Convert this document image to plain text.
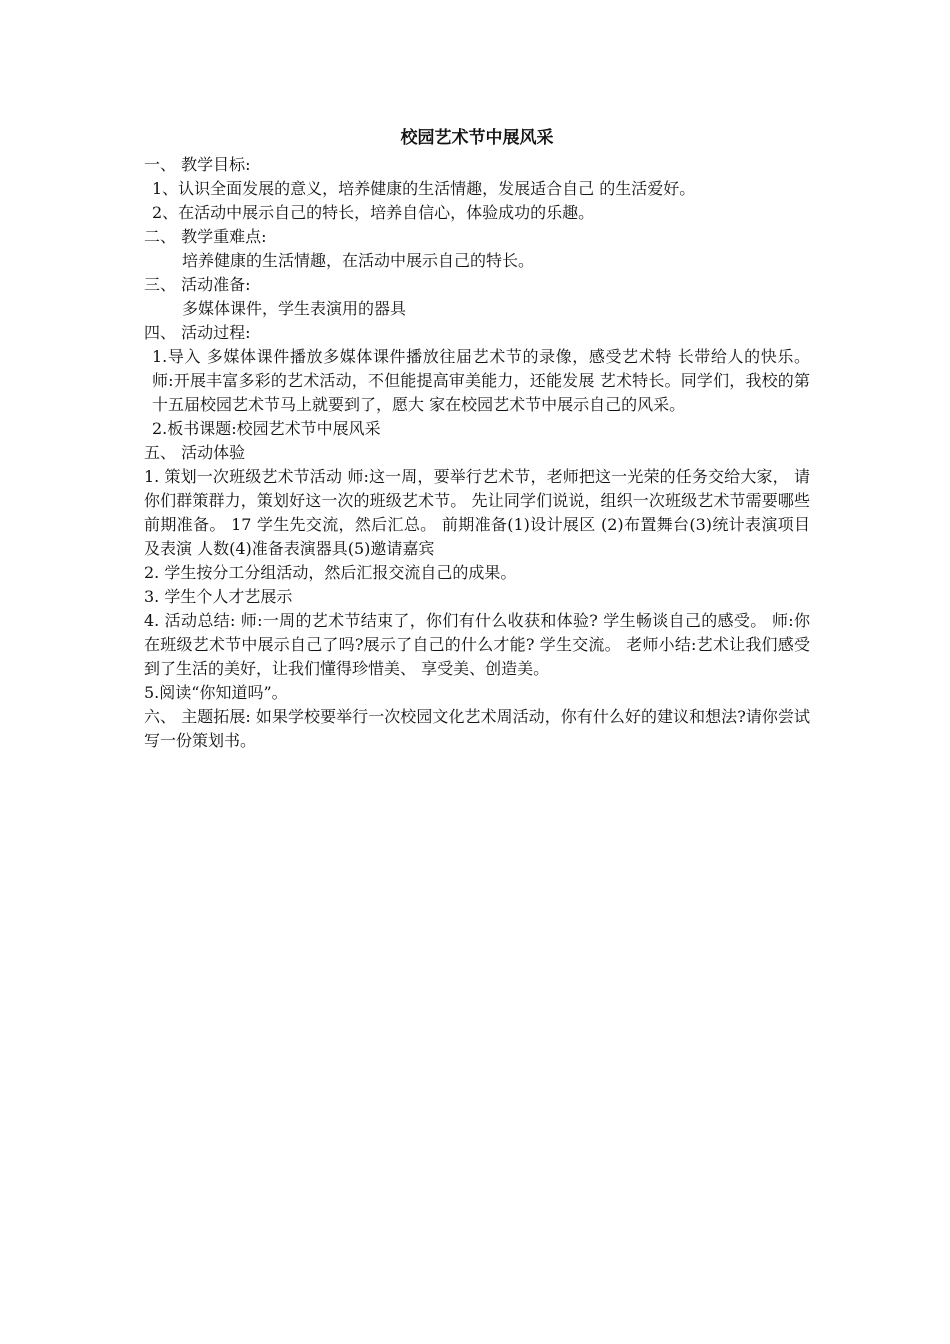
校园艺术节中展风采
一、 教学目标:
1、认识全面发展的意义，培养健康的生活情趣，发展适合自己 的生活爱好。
2、在活动中展示自己的特长，培养自信心，体验成功的乐趣。
二、 教学重难点:
培养健康的生活情趣，在活动中展示自己的特长。
三、 活动准备:
多媒体课件，学生表演用的器具
四、 活动过程:
1.导入 多媒体课件播放多媒体课件播放往届艺术节的录像，感受艺术特 长带给人的快乐。 师:开展丰富多彩的艺术活动，不但能提高审美能力，还能发展 艺术特长。同学们，我校的第十五届校园艺术节马上就要到了，愿大 家在校园艺术节中展示自己的风采。
2.板书课题:校园艺术节中展风采
五、 活动体验
1. 策划一次班级艺术节活动 师:这一周，要举行艺术节，老师把这一光荣的任务交给大家， 请你们群策群力，策划好这一次的班级艺术节。 先让同学们说说，组织一次班级艺术节需要哪些前期准备。 17 学生先交流，然后汇总。 前期准备(1)设计展区 (2)布置舞台(3)统计表演项目及表演 人数(4)准备表演器具(5)邀请嘉宾
2. 学生按分工分组活动，然后汇报交流自己的成果。
3. 学生个人才艺展示
4. 活动总结: 师:一周的艺术节结束了，你们有什么收获和体验? 学生畅谈自己的感受。 师:你在班级艺术节中展示自己了吗?展示了自己的什么才能? 学生交流。 老师小结:艺术让我们感受到了生活的美好，让我们懂得珍惜美、 享受美、创造美。
5.阅读“你知道吗”。
六、 主题拓展: 如果学校要举行一次校园文化艺术周活动，你有什么好的建议和想法?请你尝试写一份策划书。
